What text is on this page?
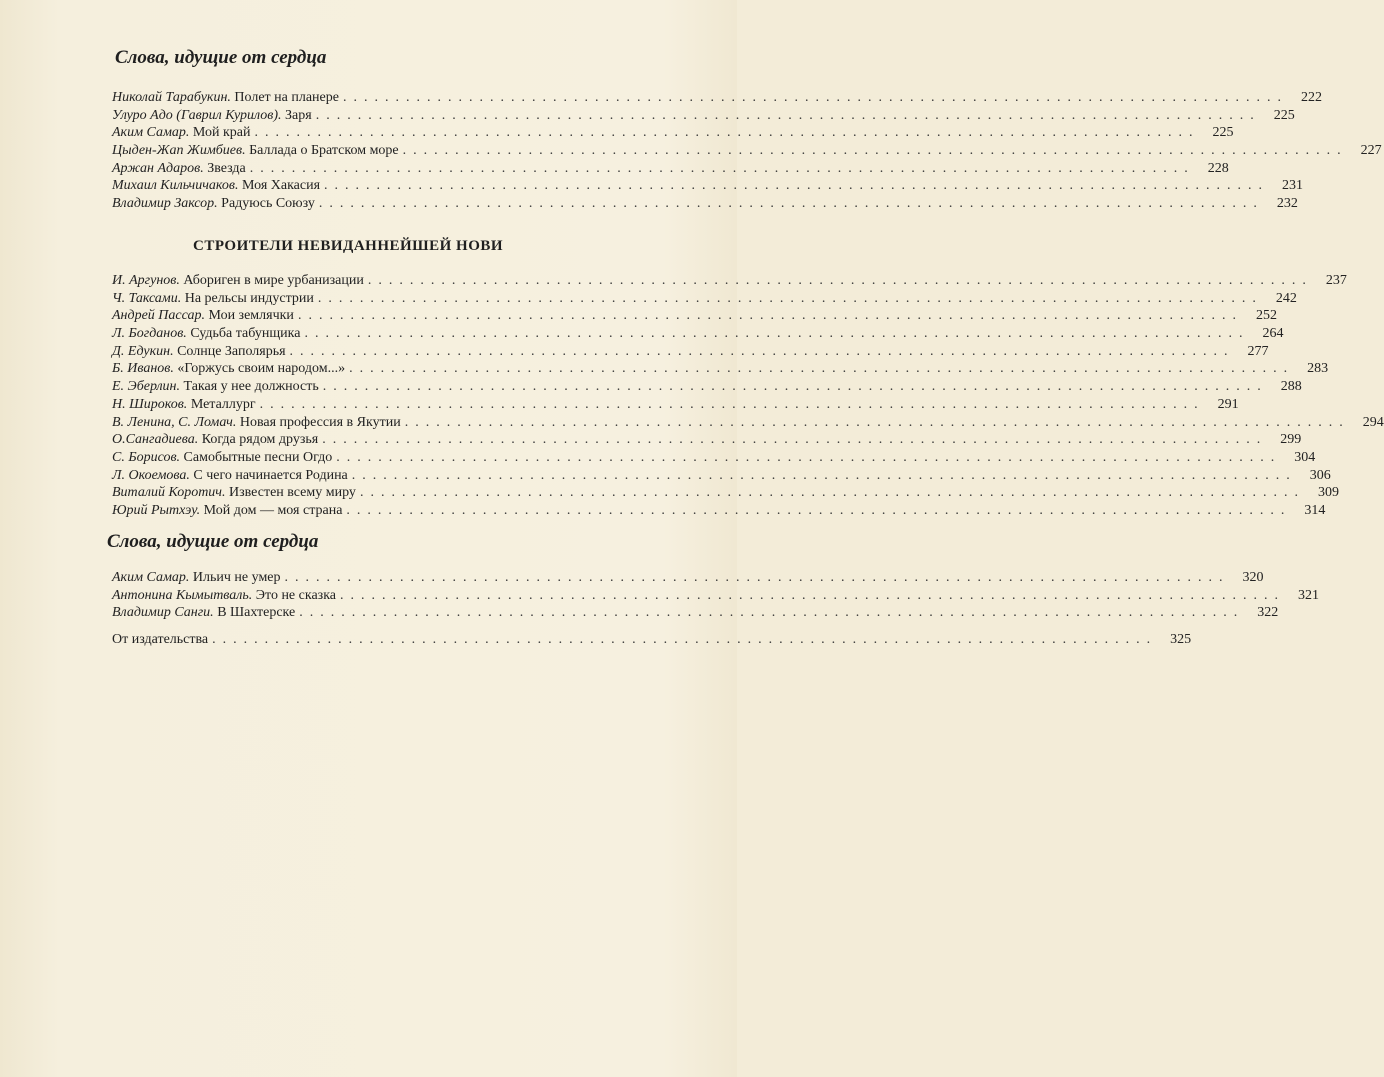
Слова, идущие от сердца
Николай Тарабукин.
Полет на планере .......................................................................................... 222
Улуро Адо (Гаврил Курилов).
Заря .......................................................................................... 225
Аким Самар.
Мой край .......................................................................................... 225
Цыден-Жап Жимбиев.
Баллада о Братском море .......................................................................................... 227
Аржан Адаров.
Звезда .......................................................................................... 228
Михаил Кильчичаков.
Моя Хакасия .......................................................................................... 231
Владимир Заксор.
Радуюсь Союзу .......................................................................................... 232
СТРОИТЕЛИ НЕВИДАННЕЙШЕЙ НОВИ
И. Аргунов.
Абориген в мире урбанизации .......................................................................................... 237
Ч. Таксами.
На рельсы индустрии .......................................................................................... 242
Андрей Пассар.
Мои землячки .......................................................................................... 252
Л. Богданов.
Судьба табунщика .......................................................................................... 264
Д. Едукин.
Солнце Заполярья .......................................................................................... 277
Б. Иванов.
«Горжусь своим народом...» .......................................................................................... 283
Е. Эберлин.
Такая у нее должность .......................................................................................... 288
Н. Широков.
Металлург .......................................................................................... 291
В. Ленина, С. Ломач.
Новая профессия в Якутии .......................................................................................... 294
О.Сангадиева.
Когда рядом друзья .......................................................................................... 299
С. Борисов.
Самобытные песни Огдо .......................................................................................... 304
Л. Окоемова.
С чего начинается Родина .......................................................................................... 306
Виталий Коротич.
Известен всему миру .......................................................................................... 309
Юрий Рытхэу.
Мой дом — моя страна .......................................................................................... 314
Слова, идущие от сердца
Аким Самар.
Ильич не умер .......................................................................................... 320
Антонина Кымытваль.
Это не сказка .......................................................................................... 321
Владимир Санги.
В Шахтерске .......................................................................................... 322
От издательства .......................................................................................... 325
